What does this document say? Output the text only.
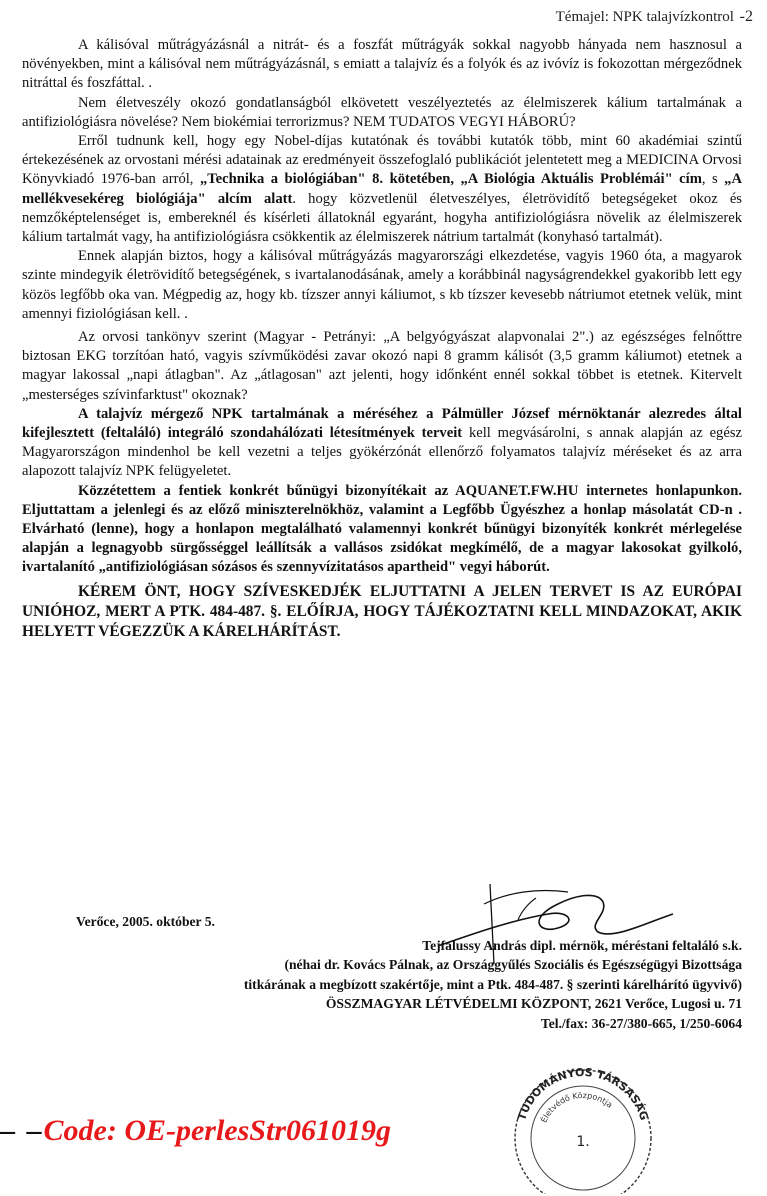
Témajel: NPK talajvízkontrol -2

A kálisóval műtrágyázásnál a nitrát- és a foszfát műtrágyák sokkal nagyobb hányada nem hasznosul a növényekben, mint a kálisóval nem műtrágyázásnál, s emiatt a talajvíz és a folyók és az ivóvíz is fokozottan mérgeződnek nitráttal és foszfáttal. .

Nem életveszély okozó gondatlanságból elkövetett veszélyeztetés az élelmiszerek kálium tartalmának a antifiziológiásra növelése? Nem biokémiai terrorizmus? NEM TUDATOS VEGYI HÁBORÚ?

Erről tudnunk kell, hogy egy Nobel-díjas kutatónak és további kutatók több, mint 60 akadémiai szintű értekezésének az orvostani mérési adatainak az eredményeit összefoglaló publikációt jelentetett meg a MEDICINA Orvosi Könyvkiadó 1976-ban arról, „Technika a biológiában" 8. kötetében, „A Biológia Aktuális Problémái" cím, s „A mellékvesekéreg biológiája" alcím alatt. hogy közvetlenül életveszélyes, életrövidítő betegségeket okoz és nemzőképtelenséget is, embereknél és kísérleti állatoknál egyaránt, hogyha antifiziológiásra növelik az élelmiszerek kálium tartalmát vagy, ha antifiziológiásra csökkentik az élelmiszerek nátrium tartalmát (konyhasó tartalmát).

Ennek alapján biztos, hogy a kálisóval műtrágyázás magyarországi elkezdetése, vagyis 1960 óta, a magyarok szinte mindegyik életrövidítő betegségének, s ivartalanodásának, amely a korábbinál nagyságrendekkel gyakoribb lett egy közös legfőbb oka van. Mégpedig az, hogy kb. tízszer annyi káliumot, s kb tízszer kevesebb nátriumot etetnek velük, mint amennyi fiziológiásan kell. .

Az orvosi tankönyv szerint (Magyar - Petrányi: „A belgyógyászat alapvonalai 2".) az egészséges felnőttre biztosan EKG torzítóan ható, vagyis szívműködési zavar okozó napi 8 gramm kálisót (3,5 gramm káliumot) etetnek a magyar lakossal „napi átlagban". Az „átlagosan" azt jelenti, hogy időnként ennél sokkal többet is etetnek. Kitervelt „mesterséges szívinfarktust" okoznak?

A talajvíz mérgező NPK tartalmának a méréséhez a Pálmüller József mérnöktanár alezredes által kifejlesztett (feltaláló) integráló szondahálózati létesítmények terveit kell megvásárolni, s annak alapján az egész Magyarországon mindenhol be kell vezetni a teljes gyökérzónát ellenőrző folyamatos talajvíz méréseket és az arra alapozott talajvíz NPK felügyeletet.

Közzétettem a fentiek konkrét bűnügyi bizonyítékait az AQUANET.FW.HU internetes honlapunkon. Eljuttattam a jelenlegi és az előző miniszterelnökhöz, valamint a Legfőbb Ügyészhez a honlap másolatát CD-n . Elvárható (lenne), hogy a honlapon megtalálható valamennyi konkrét bűnügyi bizonyíték konkrét mérlegelése alapján a legnagyobb sürgősséggel leállítsák a vallásos zsidókat megkímélő, de a magyar lakosokat gyilkoló, ivartalanító „antifiziológiásan sózásos és szennyvízitatásos apartheid" vegyi háborút.

KÉREM ÖNT, HOGY SZÍVESKEDJÉK ELJUTTATNI A JELEN TERVET IS AZ EURÓPAI UNIÓHOZ, MERT A PTK. 484-487. §. ELŐÍRJA, HOGY TÁJÉKOZTATNI KELL MINDAZOKAT, AKIK HELYETT VÉGEZZÜK A KÁRELHÁRÍTÁST.

Verőce, 2005. október 5.
Tejfalussy András dipl. mérnök, méréstani feltaláló s.k.
(néhai dr. Kovács Pálnak, az Országgyűlés Szociális és Egészségügyi Bizottsága
titkárának a megbízott szakértője, mint a Ptk. 484-487. § szerinti kárelhárító ügyvivő)
ÖSSZMAGYAR LÉTVÉDELMI KÖZPONT, 2621 Verőce, Lugosi u. 71
Tel./fax: 36-27/380-665, 1/250-6064
TUDOMÁNYOS TÁRSASÁG
Életvédő Központja
1.
– –Code: OE-perlesStr061019g
